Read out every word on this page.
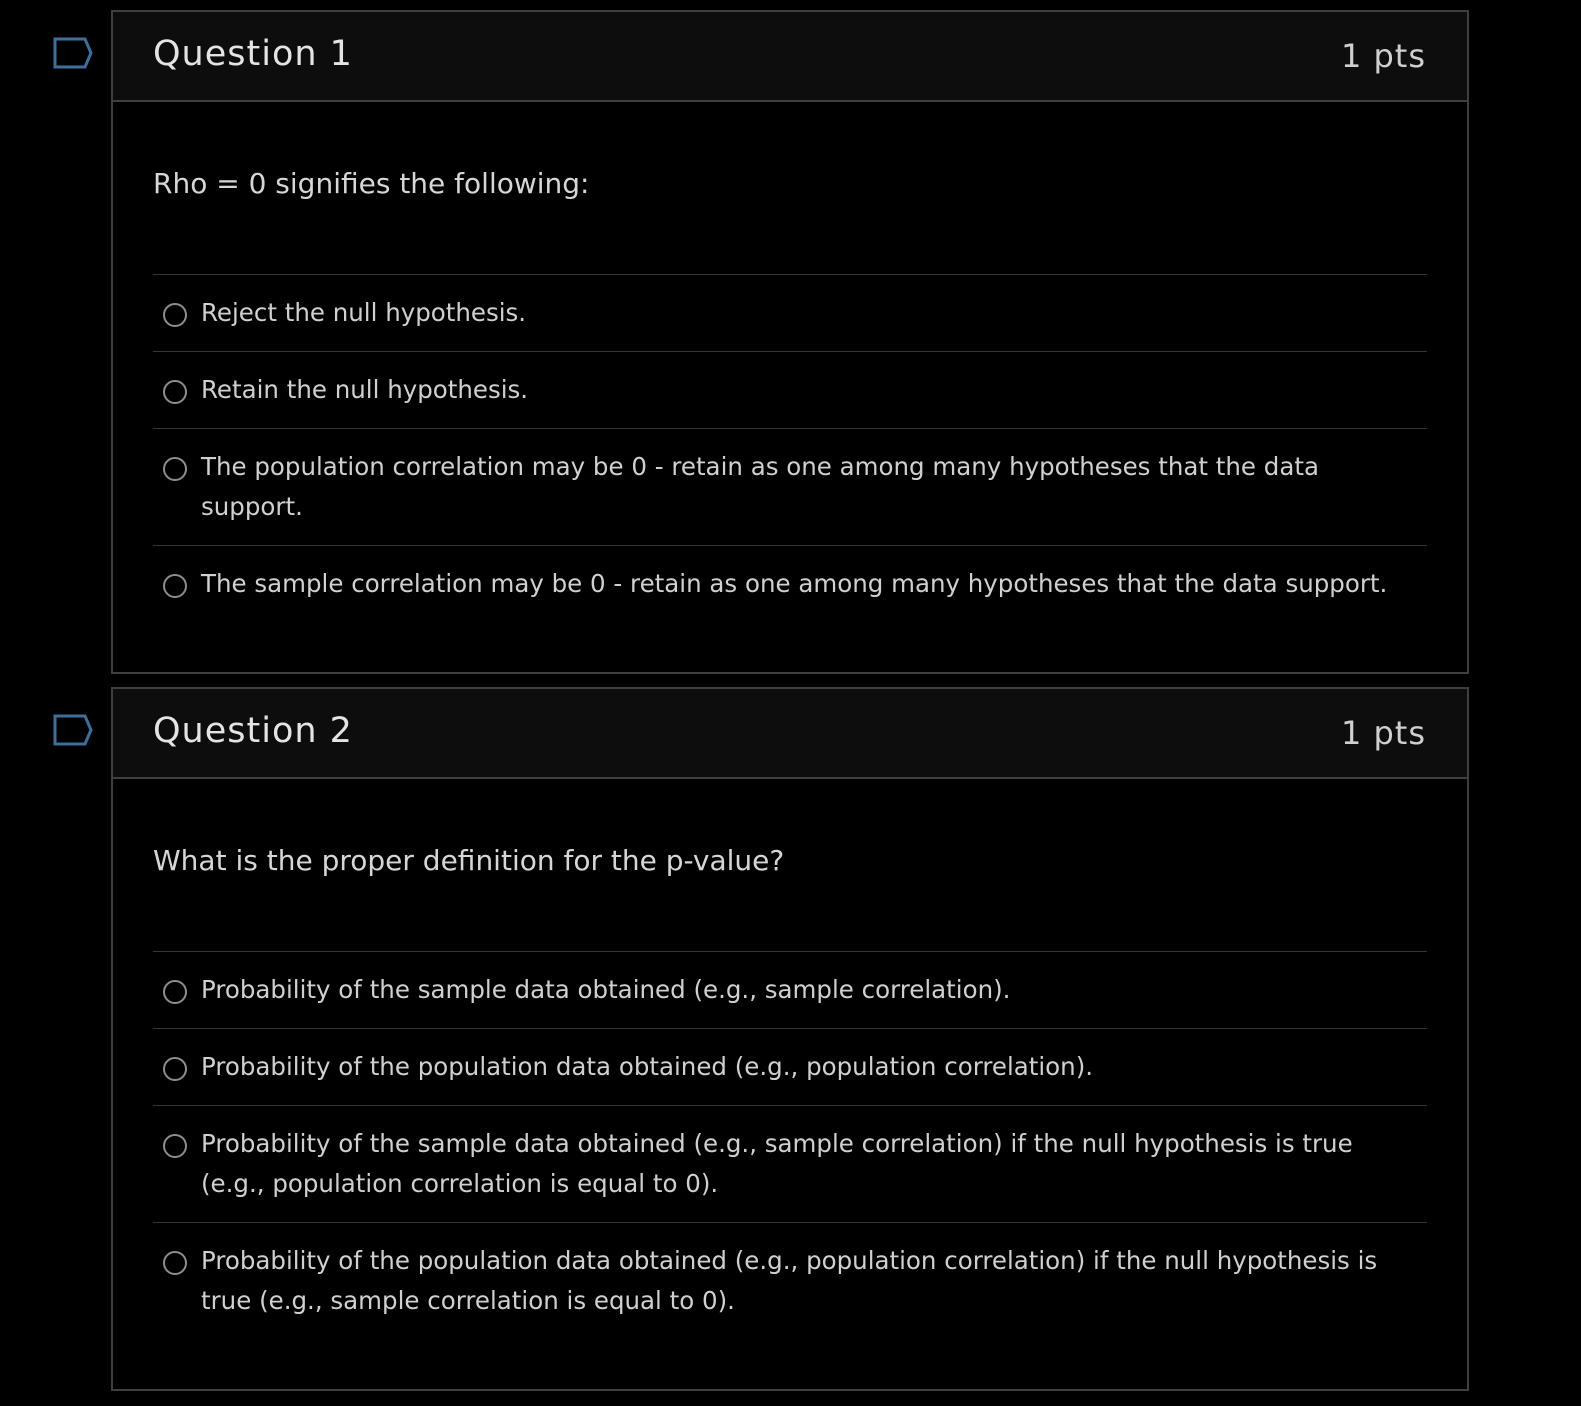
Question 1	1 pts
Rho = 0 signifies the following:
Reject the null hypothesis.
Retain the null hypothesis.
The population correlation may be 0 - retain as one among many hypotheses that the data support.
The sample correlation may be 0 - retain as one among many hypotheses that the data support.
Question 2	1 pts
What is the proper definition for the p-value?
Probability of the sample data obtained (e.g., sample correlation).
Probability of the population data obtained (e.g., population correlation).
Probability of the sample data obtained (e.g., sample correlation) if the null hypothesis is true (e.g., population correlation is equal to 0).
Probability of the population data obtained (e.g., population correlation) if the null hypothesis is true (e.g., sample correlation is equal to 0).
